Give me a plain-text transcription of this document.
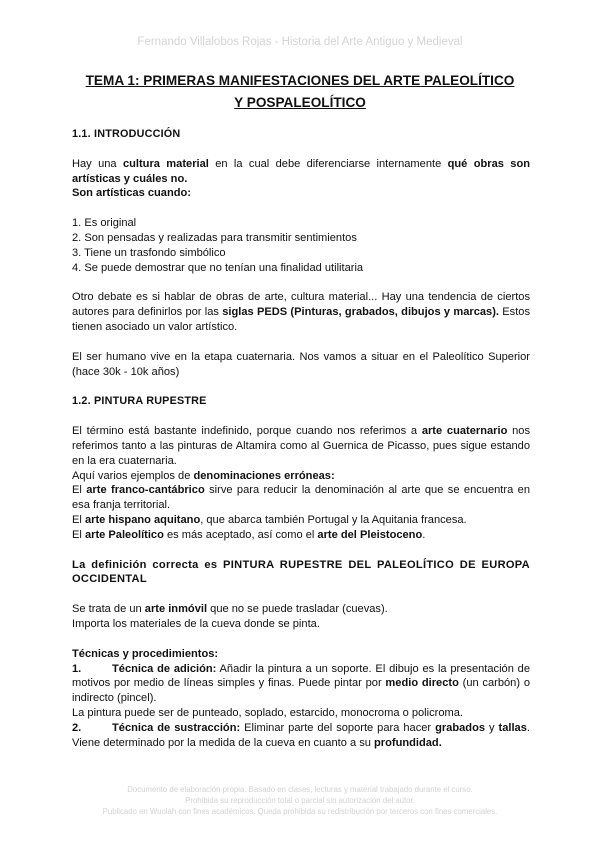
Fernando Villalobos Rojas - Historia del Arte Antiguo y Medieval
TEMA 1: PRIMERAS MANIFESTACIONES DEL ARTE PALEOLÍTICO
Y POSPALEOLÍTICO

1.1. INTRODUCCIÓN

Hay una cultura material en la cual debe diferenciarse internamente qué obras son artísticas y cuáles no.

Son artísticas cuando:

1. Es original

2. Son pensadas y realizadas para transmitir sentimientos

3. Tiene un trasfondo simbólico

4. Se puede demostrar que no tenían una finalidad utilitaria

Otro debate es si hablar de obras de arte, cultura material... Hay una tendencia de ciertos autores para definirlos por las siglas PEDS (Pinturas, grabados, dibujos y marcas). Estos tienen asociado un valor artístico.

El ser humano vive en la etapa cuaternaria. Nos vamos a situar en el Paleolítico Superior (hace 30k - 10k años)

1.2. PINTURA RUPESTRE

El término está bastante indefinido, porque cuando nos referimos a arte cuaternario nos referimos tanto a las pinturas de Altamira como al Guernica de Picasso, pues sigue estando en la era cuaternaria.

Aquí varios ejemplos de denominaciones erróneas:

El arte franco-cantábrico sirve para reducir la denominación al arte que se encuentra en esa franja territorial.

El arte hispano aquitano, que abarca también Portugal y la Aquitania francesa.

El arte Paleolítico es más aceptado, así como el arte del Pleistoceno.

La definición correcta es PINTURA RUPESTRE DEL PALEOLÍTICO DE EUROPA OCCIDENTAL

Se trata de un arte inmóvil que no se puede trasladar (cuevas).

Importa los materiales de la cueva donde se pinta.

Técnicas y procedimientos:

1.	Técnica de adición: Añadir la pintura a un soporte. El dibujo es la presentación de motivos por medio de líneas simples y finas. Puede pintar por medio directo (un carbón) o indirecto (pincel).

La pintura puede ser de punteado, soplado, estarcido, monocroma o policroma.

2.	Técnica de sustracción: Eliminar parte del soporte para hacer grabados y tallas. Viene determinado por la medida de la cueva en cuanto a su profundidad.

Documento de elaboración propia. Basado en clases, lecturas y material trabajado durante el curso.
Prohibida su reproducción total o parcial sin autorización del autor.
Publicado en Wuolah con fines académicos. Queda prohibida su redistribución por terceros con fines comerciales.
